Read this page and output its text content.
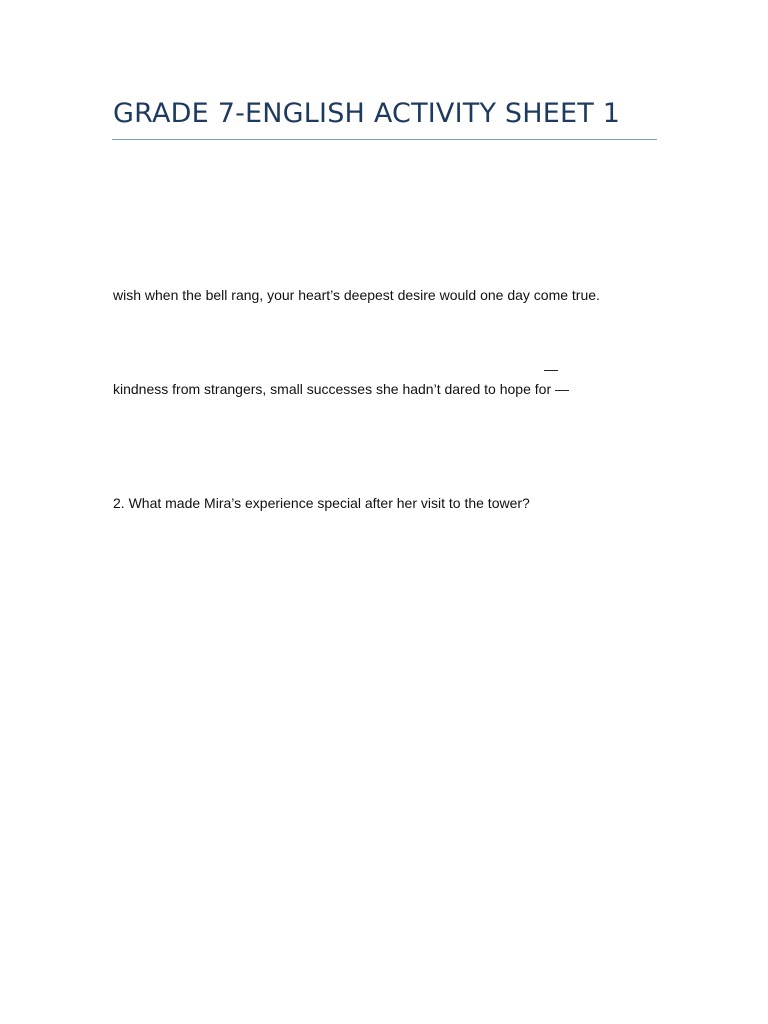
GRADE 7-ENGLISH ACTIVITY SHEET 1

wish when the bell rang, your heart’s deepest desire would one day come true.

—

kindness from strangers, small successes she hadn’t dared to hope for —

2. What made Mira’s experience special after her visit to the tower?
